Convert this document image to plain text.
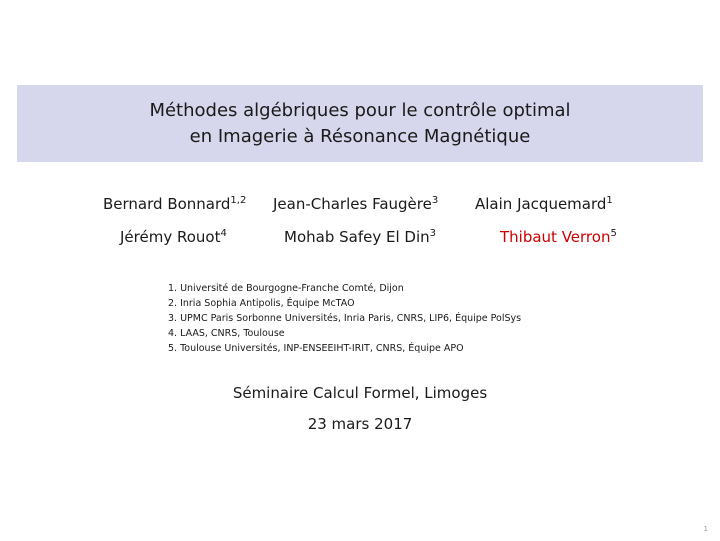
Méthodes algébriques pour le contrôle optimal
en Imagerie à Résonance Magnétique
Bernard Bonnard$^{1,2}$ Jean-Charles Faugère$^3$ Alain Jacquemard$^1$
Jérémy Rouot$^4$	Mohab Safey El Din$^3$	Thibaut Verron$^5$
1. Université de Bourgogne-Franche Comté, Dijon
2. Inria Sophia Antipolis, Équipe McTAO
3. UPMC Paris Sorbonne Universités, Inria Paris, CNRS, LIP6, Équipe PolSys
4. LAAS, CNRS, Toulouse
5. Toulouse Universités, INP-ENSEEIHT-IRIT, CNRS, Équipe APO
Séminaire Calcul Formel, Limoges
23 mars 2017
1
